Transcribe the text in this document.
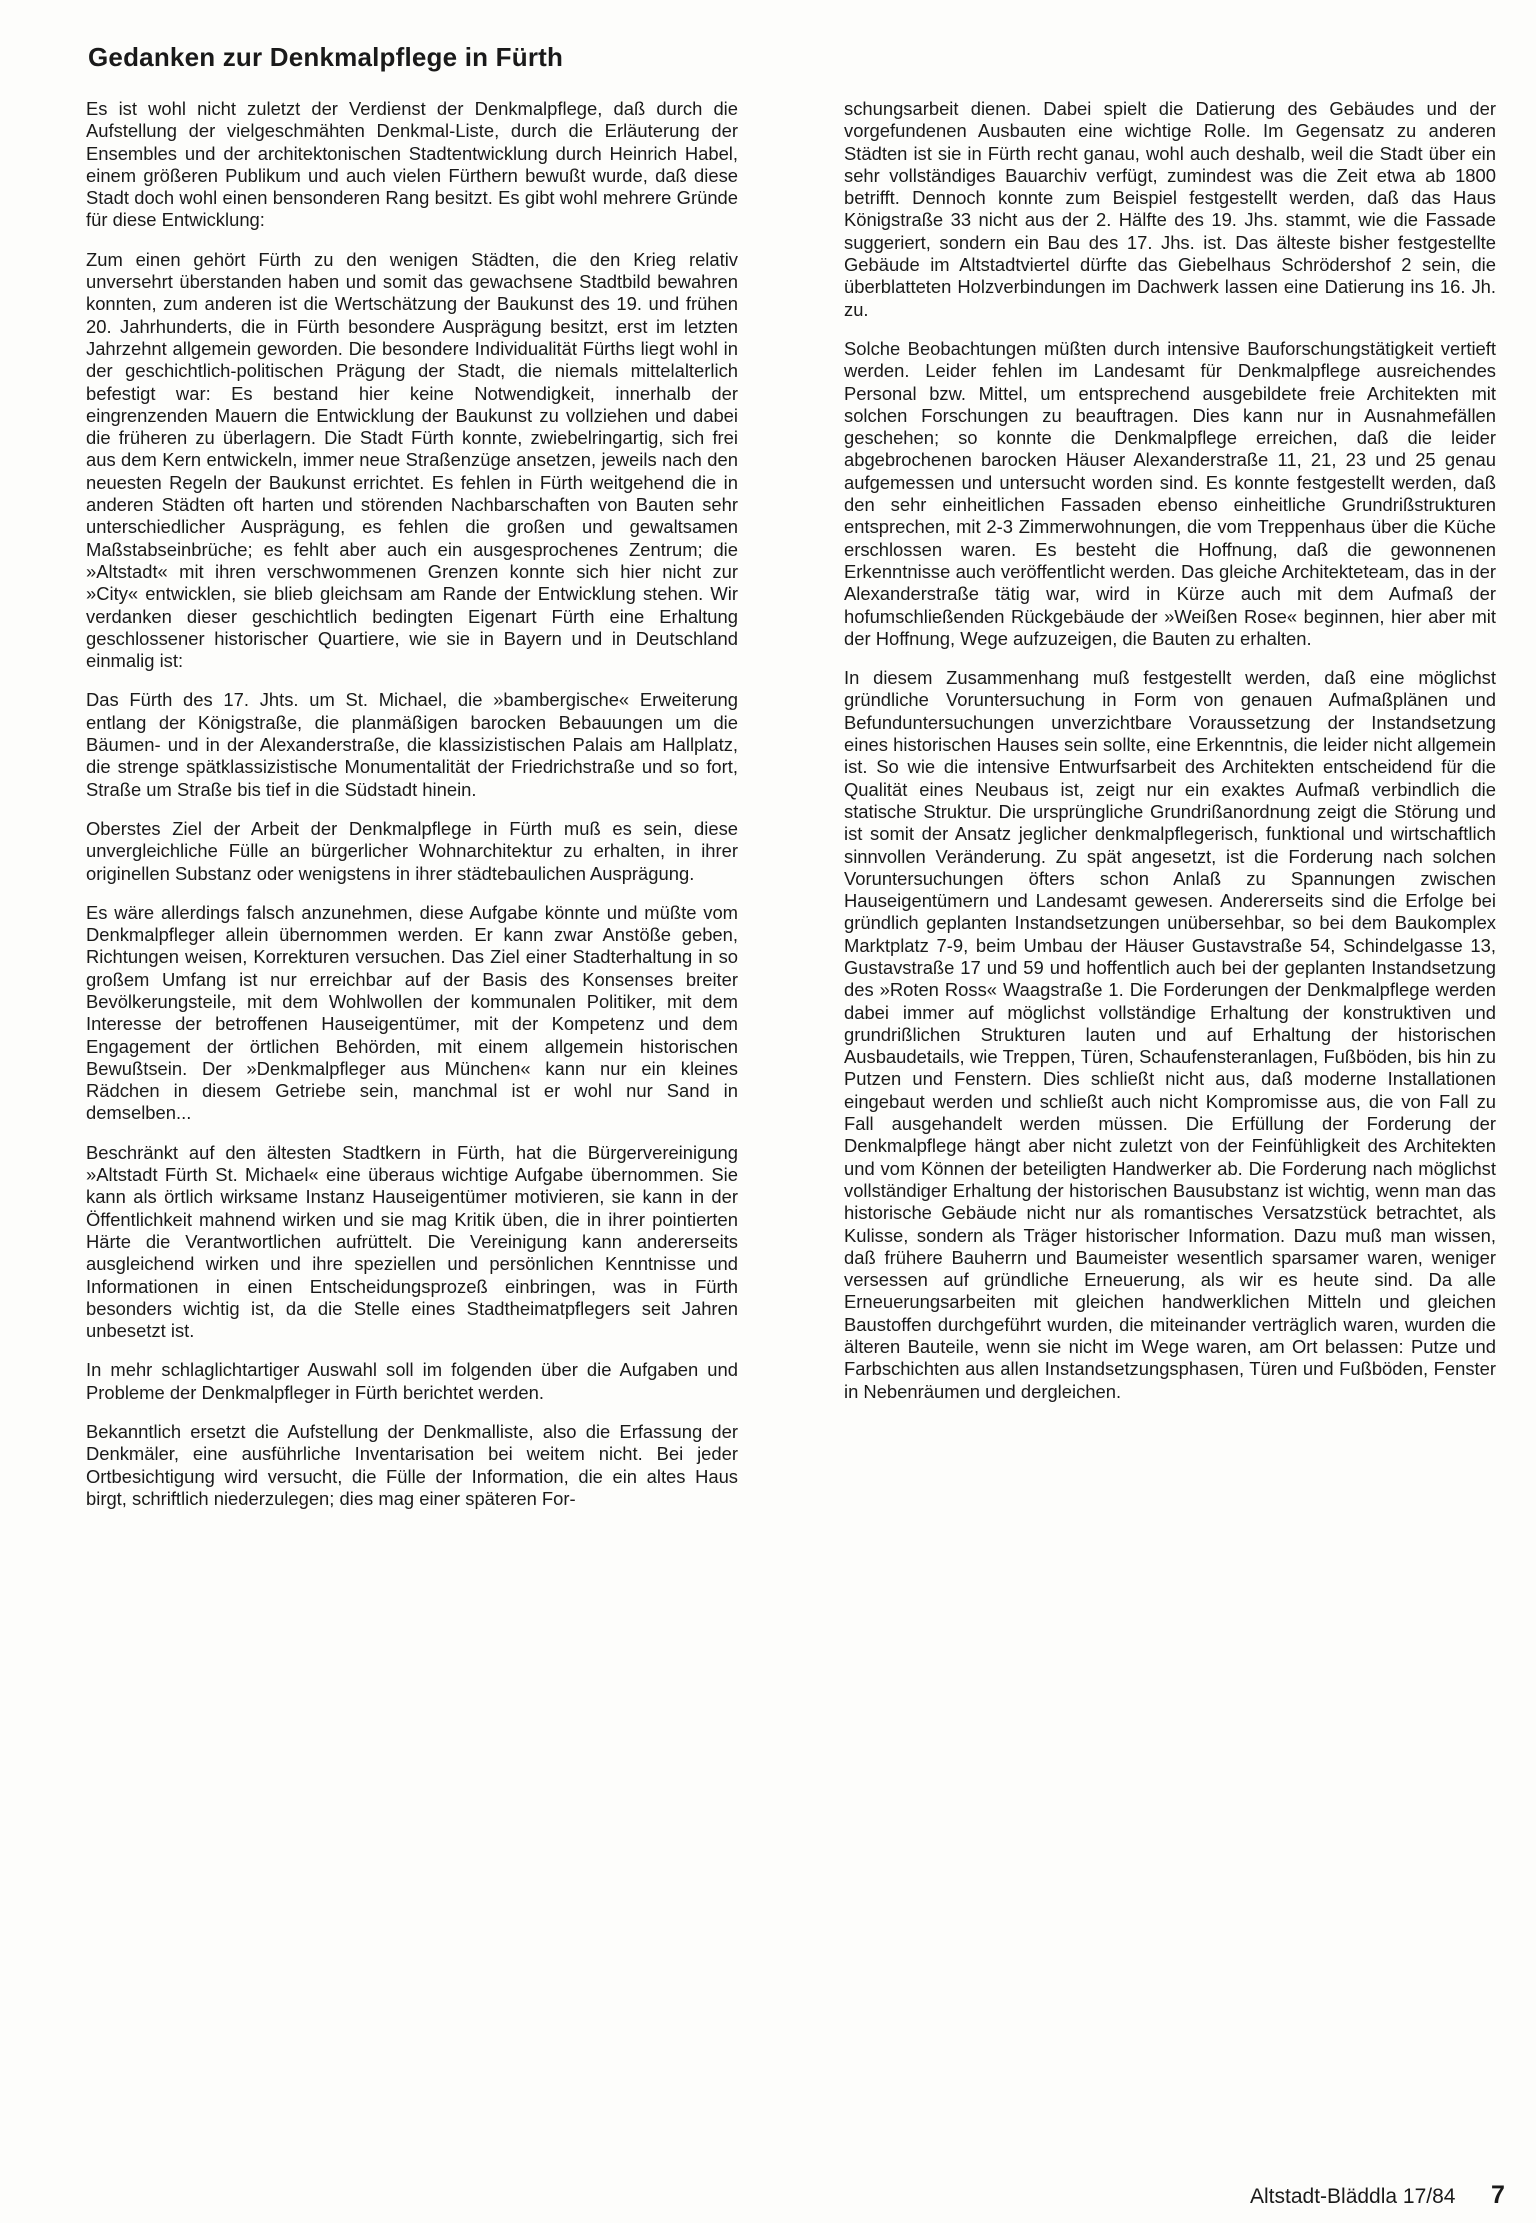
Gedanken zur Denkmalpflege in Fürth

Es ist wohl nicht zuletzt der Verdienst der Denkmalpflege, daß durch die Aufstellung der vielgeschmähten Denkmal-Liste, durch die Erläuterung der Ensembles und der architektonischen Stadtentwicklung durch Heinrich Habel, einem größeren Publikum und auch vielen Fürthern bewußt wurde, daß diese Stadt doch wohl einen bensonderen Rang besitzt. Es gibt wohl mehrere Gründe für diese Entwicklung:

Zum einen gehört Fürth zu den wenigen Städten, die den Krieg relativ unversehrt überstanden haben und somit das gewachsene Stadtbild bewahren konnten, zum anderen ist die Wertschätzung der Baukunst des 19. und frühen 20. Jahrhunderts, die in Fürth besondere Ausprägung besitzt, erst im letzten Jahrzehnt allgemein geworden. Die besondere Individualität Fürths liegt wohl in der geschichtlich-politischen Prägung der Stadt, die niemals mittelalterlich befestigt war: Es bestand hier keine Notwendigkeit, innerhalb der eingrenzenden Mauern die Entwicklung der Baukunst zu vollziehen und dabei die früheren zu überlagern. Die Stadt Fürth konnte, zwiebelringartig, sich frei aus dem Kern entwickeln, immer neue Straßenzüge ansetzen, jeweils nach den neuesten Regeln der Baukunst errichtet. Es fehlen in Fürth weitgehend die in anderen Städten oft harten und störenden Nachbarschaften von Bauten sehr unterschiedlicher Ausprägung, es fehlen die großen und gewaltsamen Maßstabseinbrüche; es fehlt aber auch ein ausgesprochenes Zentrum; die »Altstadt« mit ihren verschwommenen Grenzen konnte sich hier nicht zur »City« entwicklen, sie blieb gleichsam am Rande der Entwicklung stehen. Wir verdanken dieser geschichtlich bedingten Eigenart Fürth eine Erhaltung geschlossener historischer Quartiere, wie sie in Bayern und in Deutschland einmalig ist:

Das Fürth des 17. Jhts. um St. Michael, die »bambergische« Erweiterung entlang der Königstraße, die planmäßigen barocken Bebauungen um die Bäumen- und in der Alexanderstraße, die klassizistischen Palais am Hallplatz, die strenge spätklassizistische Monumentalität der Friedrichstraße und so fort, Straße um Straße bis tief in die Südstadt hinein.

Oberstes Ziel der Arbeit der Denkmalpflege in Fürth muß es sein, diese unvergleichliche Fülle an bürgerlicher Wohnarchitektur zu erhalten, in ihrer originellen Substanz oder wenigstens in ihrer städtebaulichen Ausprägung.

Es wäre allerdings falsch anzunehmen, diese Aufgabe könnte und müßte vom Denkmalpfleger allein übernommen werden. Er kann zwar Anstöße geben, Richtungen weisen, Korrekturen versuchen. Das Ziel einer Stadterhaltung in so großem Umfang ist nur erreichbar auf der Basis des Konsenses breiter Bevölkerungsteile, mit dem Wohlwollen der kommunalen Politiker, mit dem Interesse der betroffenen Hauseigentümer, mit der Kompetenz und dem Engagement der örtlichen Behörden, mit einem allgemein historischen Bewußtsein. Der »Denkmalpfleger aus München« kann nur ein kleines Rädchen in diesem Getriebe sein, manchmal ist er wohl nur Sand in demselben...

Beschränkt auf den ältesten Stadtkern in Fürth, hat die Bürgervereinigung »Altstadt Fürth St. Michael« eine überaus wichtige Aufgabe übernommen. Sie kann als örtlich wirksame Instanz Hauseigentümer motivieren, sie kann in der Öffentlichkeit mahnend wirken und sie mag Kritik üben, die in ihrer pointierten Härte die Verantwortlichen aufrüttelt. Die Vereinigung kann andererseits ausgleichend wirken und ihre speziellen und persönlichen Kenntnisse und Informationen in einen Entscheidungsprozeß einbringen, was in Fürth besonders wichtig ist, da die Stelle eines Stadtheimatpflegers seit Jahren unbesetzt ist.

In mehr schlaglichtartiger Auswahl soll im folgenden über die Aufgaben und Probleme der Denkmalpfleger in Fürth berichtet werden.

Bekanntlich ersetzt die Aufstellung der Denkmalliste, also die Erfassung der Denkmäler, eine ausführliche Inventarisation bei weitem nicht. Bei jeder Ortbesichtigung wird versucht, die Fülle der Information, die ein altes Haus birgt, schriftlich niederzulegen; dies mag einer späteren For-

schungsarbeit dienen. Dabei spielt die Datierung des Gebäudes und der vorgefundenen Ausbauten eine wichtige Rolle. Im Gegensatz zu anderen Städten ist sie in Fürth recht ganau, wohl auch deshalb, weil die Stadt über ein sehr vollständiges Bauarchiv verfügt, zumindest was die Zeit etwa ab 1800 betrifft. Dennoch konnte zum Beispiel festgestellt werden, daß das Haus Königstraße 33 nicht aus der 2. Hälfte des 19. Jhs. stammt, wie die Fassade suggeriert, sondern ein Bau des 17. Jhs. ist. Das älteste bisher festgestellte Gebäude im Altstadtviertel dürfte das Giebelhaus Schrödershof 2 sein, die überblatteten Holzverbindungen im Dachwerk lassen eine Datierung ins 16. Jh. zu.

Solche Beobachtungen müßten durch intensive Bauforschungstätigkeit vertieft werden. Leider fehlen im Landesamt für Denkmalpflege ausreichendes Personal bzw. Mittel, um entsprechend ausgebildete freie Architekten mit solchen Forschungen zu beauftragen. Dies kann nur in Ausnahmefällen geschehen; so konnte die Denkmalpflege erreichen, daß die leider abgebrochenen barocken Häuser Alexanderstraße 11, 21, 23 und 25 genau aufgemessen und untersucht worden sind. Es konnte festgestellt werden, daß den sehr einheitlichen Fassaden ebenso einheitliche Grundrißstrukturen entsprechen, mit 2-3 Zimmerwohnungen, die vom Treppenhaus über die Küche erschlossen waren. Es besteht die Hoffnung, daß die gewonnenen Erkenntnisse auch veröffentlicht werden. Das gleiche Architekteteam, das in der Alexanderstraße tätig war, wird in Kürze auch mit dem Aufmaß der hofumschließenden Rückgebäude der »Weißen Rose« beginnen, hier aber mit der Hoffnung, Wege aufzuzeigen, die Bauten zu erhalten.

In diesem Zusammenhang muß festgestellt werden, daß eine möglichst gründliche Voruntersuchung in Form von genauen Aufmaßplänen und Befunduntersuchungen unverzichtbare Voraussetzung der Instandsetzung eines historischen Hauses sein sollte, eine Erkenntnis, die leider nicht allgemein ist. So wie die intensive Entwurfsarbeit des Architekten entscheidend für die Qualität eines Neubaus ist, zeigt nur ein exaktes Aufmaß verbindlich die statische Struktur. Die ursprüngliche Grundrißanordnung zeigt die Störung und ist somit der Ansatz jeglicher denkmalpflegerisch, funktional und wirtschaftlich sinnvollen Veränderung. Zu spät angesetzt, ist die Forderung nach solchen Voruntersuchungen öfters schon Anlaß zu Spannungen zwischen Hauseigentümern und Landesamt gewesen. Andererseits sind die Erfolge bei gründlich geplanten Instandsetzungen unübersehbar, so bei dem Baukomplex Marktplatz 7-9, beim Umbau der Häuser Gustavstraße 54, Schindelgasse 13, Gustavstraße 17 und 59 und hoffentlich auch bei der geplanten Instandsetzung des »Roten Ross« Waagstraße 1. Die Forderungen der Denkmalpflege werden dabei immer auf möglichst vollständige Erhaltung der konstruktiven und grundrißlichen Strukturen lauten und auf Erhaltung der historischen Ausbaudetails, wie Treppen, Türen, Schaufensteranlagen, Fußböden, bis hin zu Putzen und Fenstern. Dies schließt nicht aus, daß moderne Installationen eingebaut werden und schließt auch nicht Kompromisse aus, die von Fall zu Fall ausgehandelt werden müssen. Die Erfüllung der Forderung der Denkmalpflege hängt aber nicht zuletzt von der Feinfühligkeit des Architekten und vom Können der beteiligten Handwerker ab. Die Forderung nach möglichst vollständiger Erhaltung der historischen Bausubstanz ist wichtig, wenn man das historische Gebäude nicht nur als romantisches Versatzstück betrachtet, als Kulisse, sondern als Träger historischer Information. Dazu muß man wissen, daß frühere Bauherrn und Baumeister wesentlich sparsamer waren, weniger versessen auf gründliche Erneuerung, als wir es heute sind. Da alle Erneuerungsarbeiten mit gleichen handwerklichen Mitteln und gleichen Baustoffen durchgeführt wurden, die miteinander verträglich waren, wurden die älteren Bauteile, wenn sie nicht im Wege waren, am Ort belassen: Putze und Farbschichten aus allen Instandsetzungsphasen, Türen und Fußböden, Fenster in Nebenräumen und dergleichen.

Altstadt-Bläddla 17/84 7
